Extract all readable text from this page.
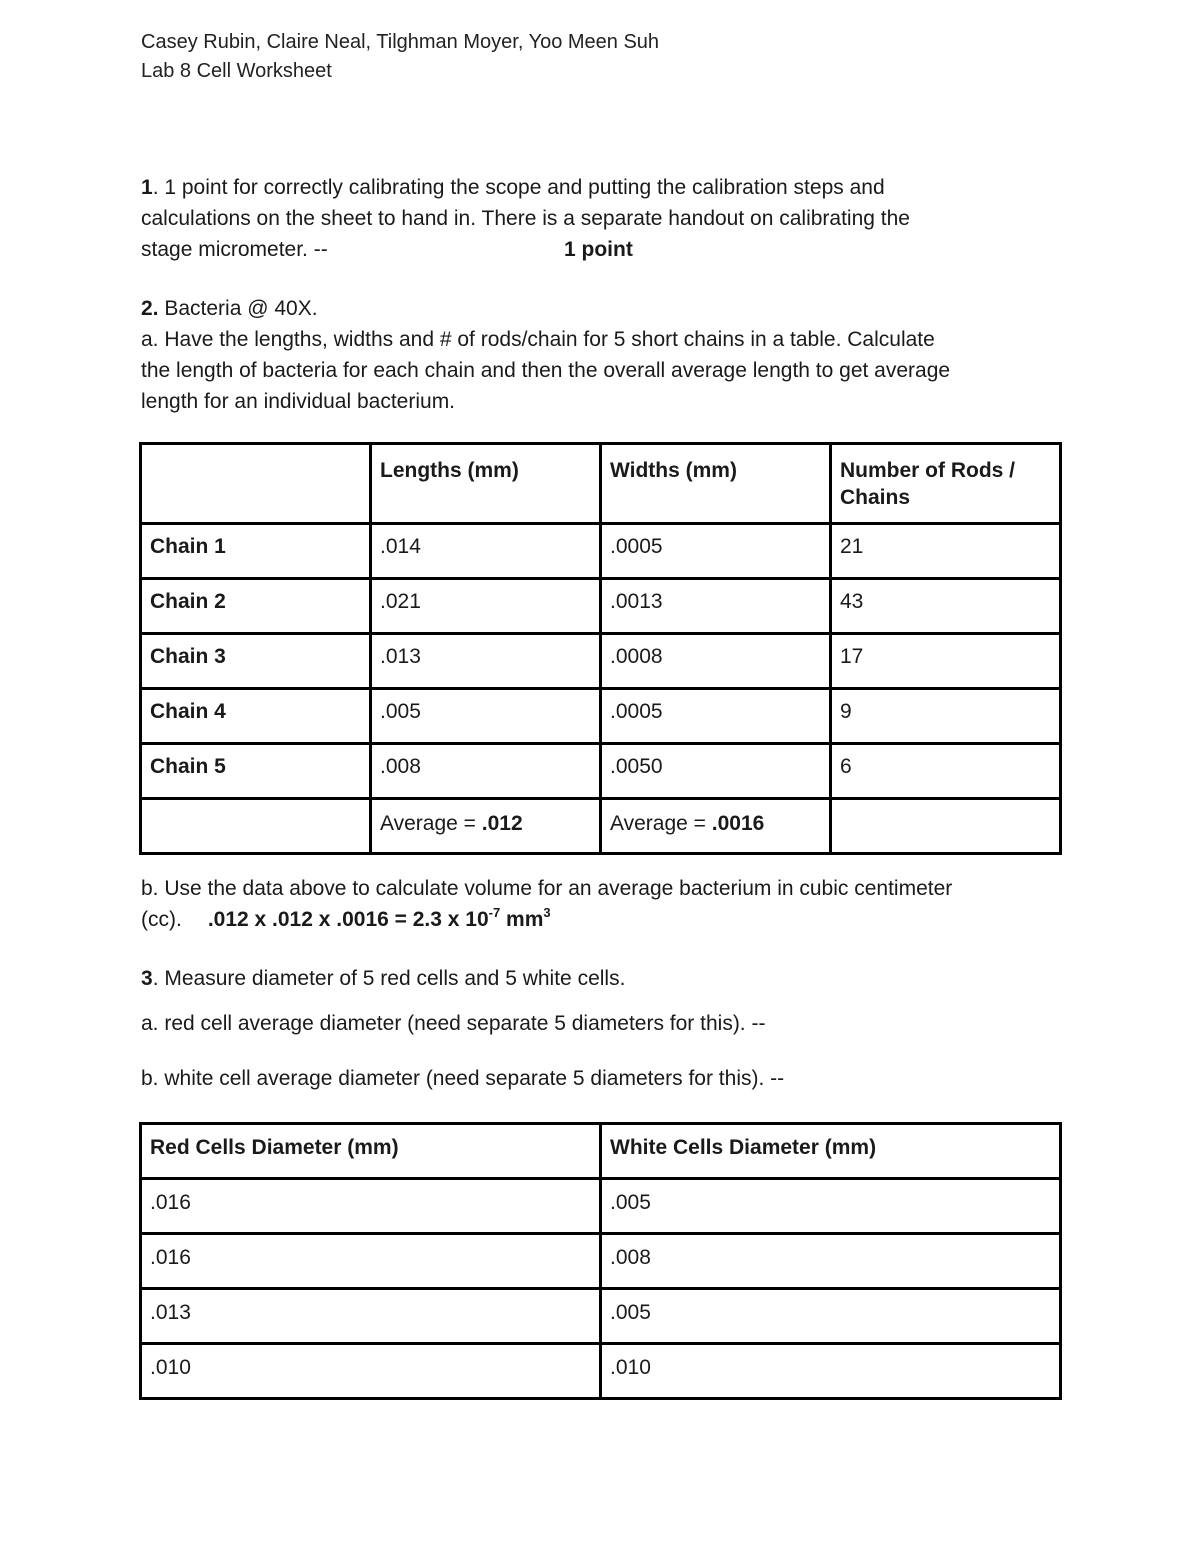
Casey Rubin, Claire Neal, Tilghman Moyer, Yoo Meen Suh
Lab 8 Cell Worksheet
1. 1 point for correctly calibrating the scope and putting the calibration steps and
calculations on the sheet to hand in. There is a separate handout on calibrating the
stage micrometer. --	1 point
2. Bacteria @ 40X.
a. Have the lengths, widths and # of rods/chain for 5 short chains in a table. Calculate
the length of bacteria for each chain and then the overall average length to get average
length for an individual bacterium.
	Lengths (mm)	Widths (mm)	Number of Rods / Chains
Chain 1	.014	.0005	21
Chain 2	.021	.0013	43
Chain 3	.013	.0008	17
Chain 4	.005	.0005	9
Chain 5	.008	.0050	6
	Average = .012	Average = .0016	
b. Use the data above to calculate volume for an average bacterium in cubic centimeter
(cc). .012 x .012 x .0016 = 2.3 x $10^{-7}$ $mm^3$
3. Measure diameter of 5 red cells and 5 white cells.
a. red cell average diameter (need separate 5 diameters for this). --
b. white cell average diameter (need separate 5 diameters for this). --
Red Cells Diameter (mm)	White Cells Diameter (mm)
.016	.005
.016	.008
.013	.005
.010	.010
